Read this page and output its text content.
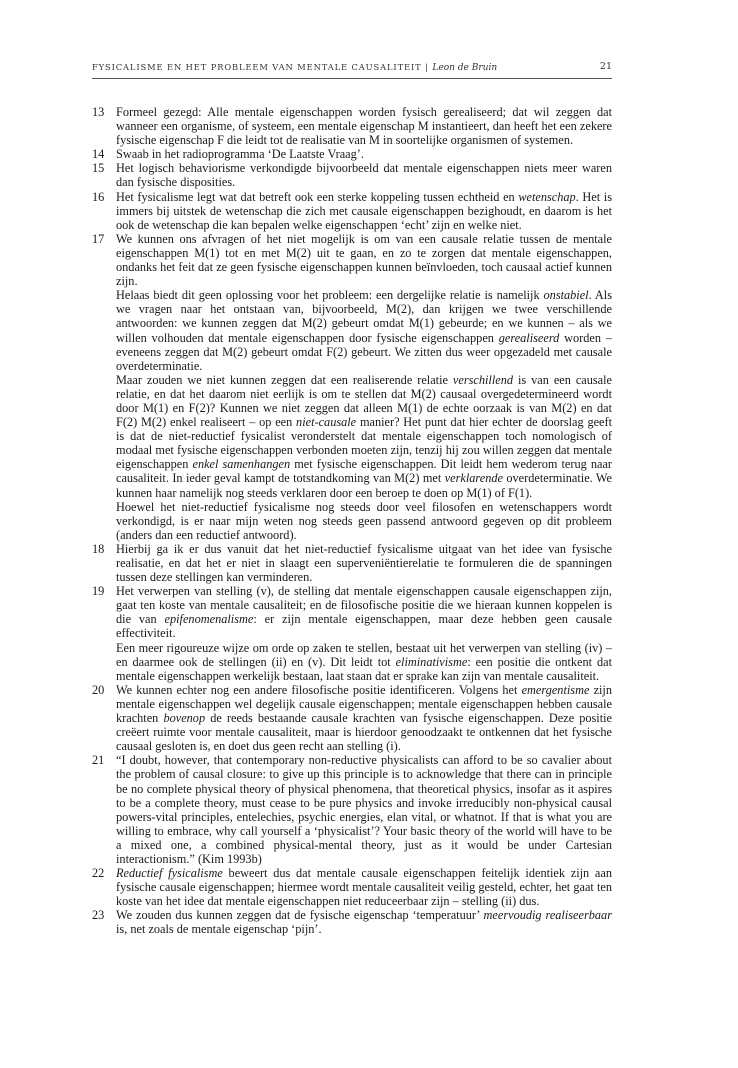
FYSICALISME EN HET PROBLEEM VAN MENTALE CAUSALITEIT | Leon de Bruin	21
13 Formeel gezegd: Alle mentale eigenschappen worden fysisch gerealiseerd; dat wil zeggen dat wanneer een organisme, of systeem, een mentale eigenschap M instantieert, dan heeft het een zekere fysische eigenschap F die leidt tot de realisatie van M in soortelijke organismen of systemen.

14 Swaab in het radioprogramma ‘De Laatste Vraag’.

15 Het logisch behaviorisme verkondigde bijvoorbeeld dat mentale eigenschappen niets meer waren dan fysische disposities.

16 Het fysicalisme legt wat dat betreft ook een sterke koppeling tussen echtheid en wetenschap. Het is immers bij uitstek de wetenschap die zich met causale eigenschappen bezighoudt, en daarom is het ook de wetenschap die kan bepalen welke eigenschappen ‘echt’ zijn en welke niet.

17 We kunnen ons afvragen of het niet mogelijk is om van een causale relatie tussen de mentale eigenschappen M(1) tot en met M(2) uit te gaan, en zo te zorgen dat mentale eigenschappen, ondanks het feit dat ze geen fysische eigenschappen kunnen beïnvloeden, toch causaal actief kunnen zijn.

Helaas biedt dit geen oplossing voor het probleem: een dergelijke relatie is namelijk onstabiel. Als we vragen naar het ontstaan van, bijvoorbeeld, M(2), dan krijgen we twee verschillende antwoorden: we kunnen zeggen dat M(2) gebeurt omdat M(1) gebeurde; en we kunnen – als we willen volhouden dat mentale eigenschappen door fysische eigenschappen gerealiseerd worden – eveneens zeggen dat M(2) gebeurt omdat F(2) gebeurt. We zitten dus weer opgezadeld met causale overdeterminatie.

Maar zouden we niet kunnen zeggen dat een realiserende relatie verschillend is van een causale relatie, en dat het daarom niet eerlijk is om te stellen dat M(2) causaal overgedetermineerd wordt door M(1) en F(2)? Kunnen we niet zeggen dat alleen M(1) de echte oorzaak is van M(2) en dat F(2) M(2) enkel realiseert – op een niet-causale manier? Het punt dat hier echter de doorslag geeft is dat de niet-reductief fysicalist veronderstelt dat mentale eigenschappen toch nomologisch of modaal met fysische eigenschappen verbonden moeten zijn, tenzij hij zou willen zeggen dat mentale eigenschappen enkel samenhangen met fysische eigenschappen. Dit leidt hem wederom terug naar causaliteit. In ieder geval kampt de totstandkoming van M(2) met verklarende overdeterminatie. We kunnen haar namelijk nog steeds verklaren door een beroep te doen op M(1) of F(1).

Hoewel het niet-reductief fysicalisme nog steeds door veel filosofen en wetenschappers wordt verkondigd, is er naar mijn weten nog steeds geen passend antwoord gegeven op dit probleem (anders dan een reductief antwoord).

18 Hierbij ga ik er dus vanuit dat het niet-reductief fysicalisme uitgaat van het idee van fysische realisatie, en dat het er niet in slaagt een superveniëntierelatie te formuleren die de spanningen tussen deze stellingen kan verminderen.

19 Het verwerpen van stelling (v), de stelling dat mentale eigenschappen causale eigenschappen zijn, gaat ten koste van mentale causaliteit; en de filosofische positie die we hieraan kunnen koppelen is die van epifenomenalisme: er zijn mentale eigenschappen, maar deze hebben geen causale effectiviteit.

Een meer rigoureuze wijze om orde op zaken te stellen, bestaat uit het verwerpen van stelling (iv) – en daarmee ook de stellingen (ii) en (v). Dit leidt tot eliminativisme: een positie die ontkent dat mentale eigenschappen werkelijk bestaan, laat staan dat er sprake kan zijn van mentale causaliteit.

20 We kunnen echter nog een andere filosofische positie identificeren. Volgens het emergentisme zijn mentale eigenschappen wel degelijk causale eigenschappen; mentale eigenschappen hebben causale krachten bovenop de reeds bestaande causale krachten van fysische eigenschappen. Deze positie creëert ruimte voor mentale causaliteit, maar is hierdoor genoodzaakt te ontkennen dat het fysische causaal gesloten is, en doet dus geen recht aan stelling (i).

21 “I doubt, however, that contemporary non-reductive physicalists can afford to be so cavalier about the problem of causal closure: to give up this principle is to acknowledge that there can in principle be no complete physical theory of physical phenomena, that theoretical physics, insofar as it aspires to be a complete theory, must cease to be pure physics and invoke irreducibly non-physical causal powers-vital principles, entelechies, psychic energies, elan vital, or whatnot. If that is what you are willing to embrace, why call yourself a ‘physicalist’? Your basic theory of the world will have to be a mixed one, a combined physical-mental theory, just as it would be under Cartesian interactionism.” (Kim 1993b)

22 Reductief fysicalisme beweert dus dat mentale causale eigenschappen feitelijk identiek zijn aan fysische causale eigenschappen; hiermee wordt mentale causaliteit veilig gesteld, echter, het gaat ten koste van het idee dat mentale eigenschappen niet reduceerbaar zijn – stelling (ii) dus.

23 We zouden dus kunnen zeggen dat de fysische eigenschap ‘temperatuur’ meervoudig realiseerbaar is, net zoals de mentale eigenschap ‘pijn’.
